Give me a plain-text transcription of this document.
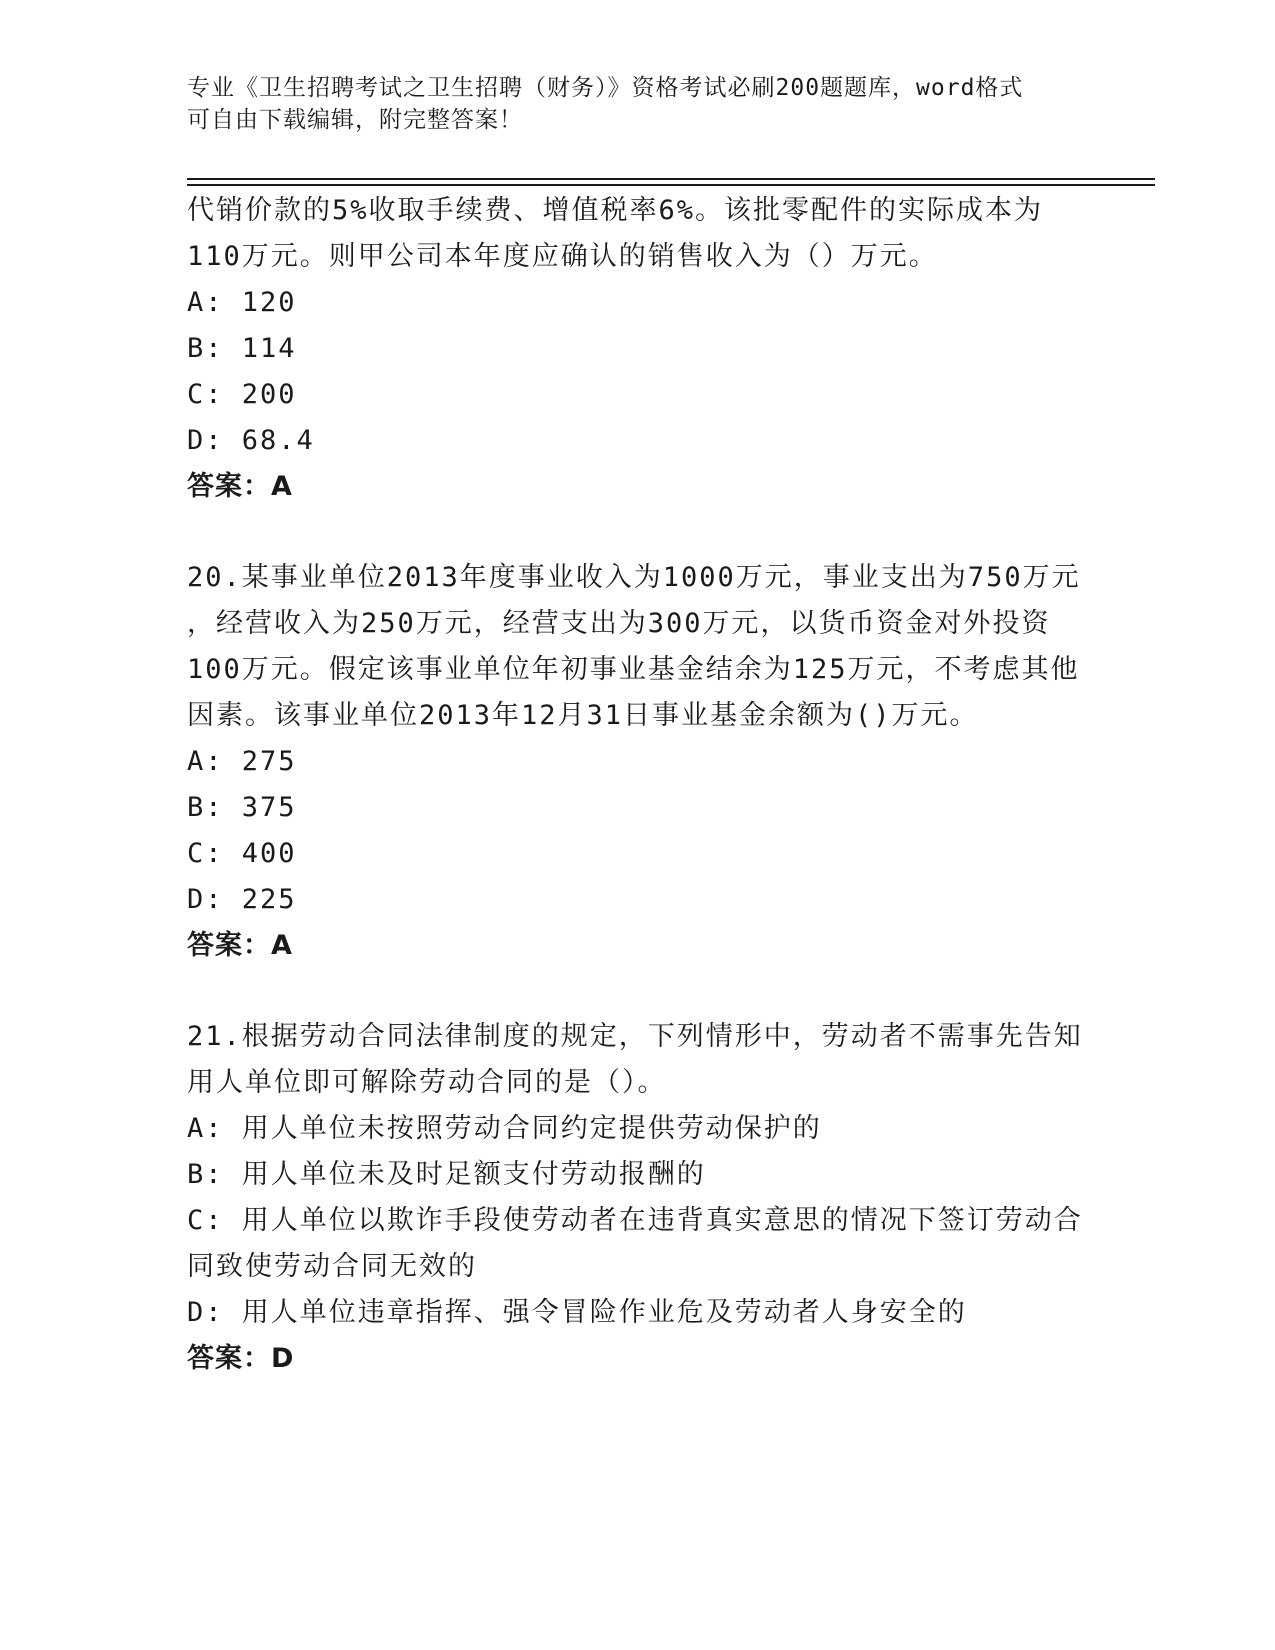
专业《卫生招聘考试之卫生招聘（财务）》资格考试必刷200题题库，word格式
可自由下载编辑，附完整答案！
代销价款的5%收取手续费、增值税率6%。该批零配件的实际成本为
110万元。则甲公司本年度应确认的销售收入为（）万元。
A: 120
B: 114
C: 200
D: 68.4
答案：A
20.某事业单位2013年度事业收入为1000万元，事业支出为750万元
，经营收入为250万元，经营支出为300万元，以货币资金对外投资
100万元。假定该事业单位年初事业基金结余为125万元，不考虑其他
因素。该事业单位2013年12月31日事业基金余额为()万元。
A: 275
B: 375
C: 400
D: 225
答案：A
21.根据劳动合同法律制度的规定，下列情形中，劳动者不需事先告知
用人单位即可解除劳动合同的是（）。
A: 用人单位未按照劳动合同约定提供劳动保护的
B: 用人单位未及时足额支付劳动报酬的
C: 用人单位以欺诈手段使劳动者在违背真实意思的情况下签订劳动合
同致使劳动合同无效的
D: 用人单位违章指挥、强令冒险作业危及劳动者人身安全的
答案：D
